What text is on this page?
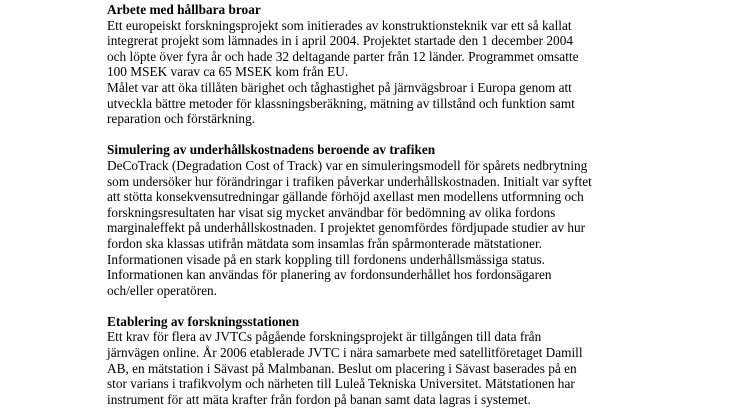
Arbete med hållbara broar

Ett europeiskt forskningsprojekt som initierades av konstruktionsteknik var ett så kallat

integrerat projekt som lämnades in i april 2004. Projektet startade den 1 december 2004

och löpte över fyra år och hade 32 deltagande parter från 12 länder. Programmet omsatte

100 MSEK varav ca 65 MSEK kom från EU.

Målet var att öka tillåten bärighet och tåghastighet på järnvägsbroar i Europa genom att

utveckla bättre metoder för klassningsberäkning, mätning av tillstånd och funktion samt

reparation och förstärkning.

Simulering av underhållskostnadens beroende av trafiken

DeCoTrack (Degradation Cost of Track) var en simuleringsmodell för spårets nedbrytning

som undersöker hur förändringar i trafiken påverkar underhållskostnaden. Initialt var syftet

att stötta konsekvensutredningar gällande förhöjd axellast men modellens utformning och

forskningsresultaten har visat sig mycket användbar för bedömning av olika fordons

marginaleffekt på underhållskostnaden. I projektet genomfördes fördjupade studier av hur

fordon ska klassas utifrån mätdata som insamlas från spårmonterade mätstationer.

Informationen visade på en stark koppling till fordonens underhållsmässiga status.

Informationen kan användas för planering av fordonsunderhållet hos fordonsägaren

och/eller operatören.

Etablering av forskningsstationen

Ett krav för flera av JVTCs pågående forskningsprojekt är tillgången till data från

järnvägen online. År 2006 etablerade JVTC i nära samarbete med satellitföretaget Damill

AB, en mätstation i Sävast på Malmbanan. Beslut om placering i Sävast baserades på en

stor varians i trafikvolym och närheten till Luleå Tekniska Universitet. Mätstationen har

instrument för att mäta krafter från fordon på banan samt data lagras i systemet.
